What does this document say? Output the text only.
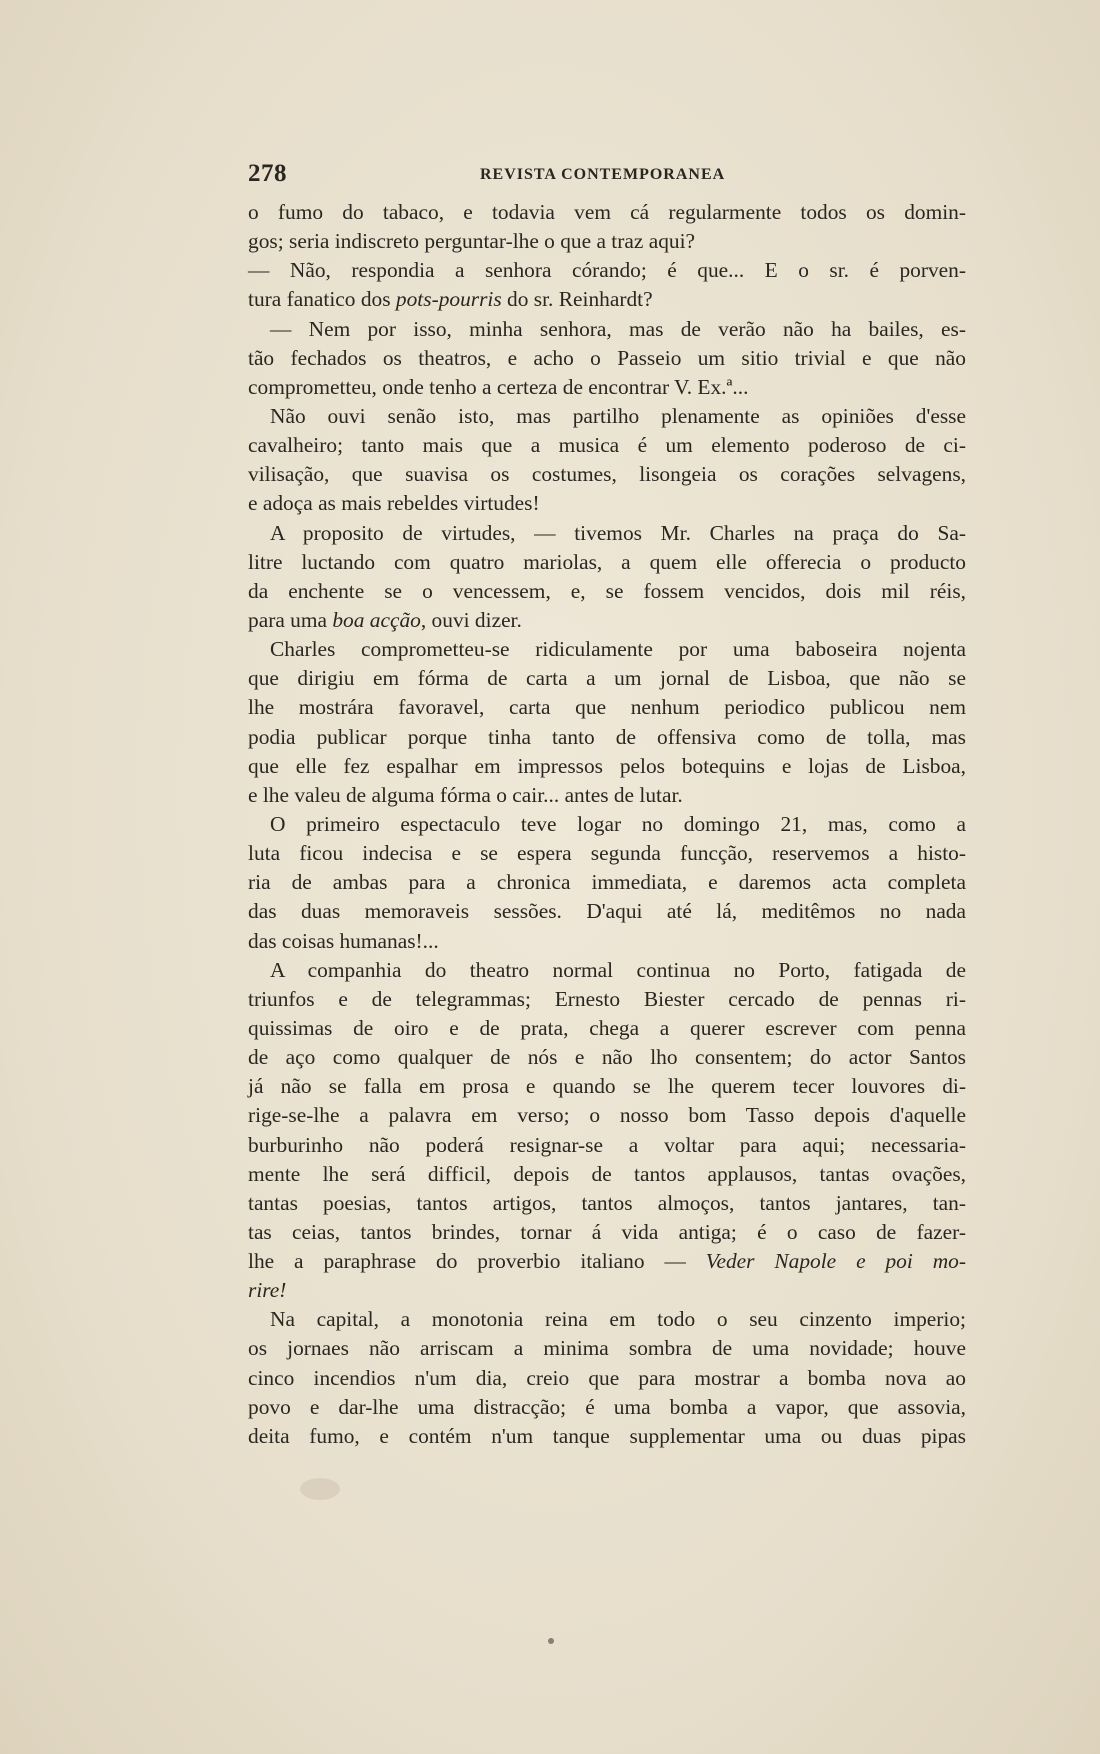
278	REVISTA CONTEMPORANEA
o fumo do tabaco, e todavia vem cá regularmente todos os domin-
gos; seria indiscreto perguntar-lhe o que a traz aqui?
— Não, respondia a senhora córando; é que... E o sr. é porven-
tura fanatico dos pots-pourris do sr. Reinhardt?
— Nem por isso, minha senhora, mas de verão não ha bailes, es-
tão fechados os theatros, e acho o Passeio um sitio trivial e que não
comprometteu, onde tenho a certeza de encontrar V. Ex.ª...
Não ouvi senão isto, mas partilho plenamente as opiniões d'esse
cavalheiro; tanto mais que a musica é um elemento poderoso de ci-
vilisação, que suavisa os costumes, lisongeia os corações selvagens,
e adoça as mais rebeldes virtudes!
A proposito de virtudes, — tivemos Mr. Charles na praça do Sa-
litre luctando com quatro mariolas, a quem elle offerecia o producto
da enchente se o vencessem, e, se fossem vencidos, dois mil réis,
para uma boa acção, ouvi dizer.
Charles comprometteu-se ridiculamente por uma baboseira nojenta
que dirigiu em fórma de carta a um jornal de Lisboa, que não se
lhe mostrára favoravel, carta que nenhum periodico publicou nem
podia publicar porque tinha tanto de offensiva como de tolla, mas
que elle fez espalhar em impressos pelos botequins e lojas de Lisboa,
e lhe valeu de alguma fórma o cair... antes de lutar.
O primeiro espectaculo teve logar no domingo 21, mas, como a
luta ficou indecisa e se espera segunda funcção, reservemos a histo-
ria de ambas para a chronica immediata, e daremos acta completa
das duas memoraveis sessões. D'aqui até lá, meditêmos no nada
das coisas humanas!...
A companhia do theatro normal continua no Porto, fatigada de
triunfos e de telegrammas; Ernesto Biester cercado de pennas ri-
quissimas de oiro e de prata, chega a querer escrever com penna
de aço como qualquer de nós e não lho consentem; do actor Santos
já não se falla em prosa e quando se lhe querem tecer louvores di-
rige-se-lhe a palavra em verso; o nosso bom Tasso depois d'aquelle
burburinho não poderá resignar-se a voltar para aqui; necessaria-
mente lhe será difficil, depois de tantos applausos, tantas ovações,
tantas poesias, tantos artigos, tantos almoços, tantos jantares, tan-
tas ceias, tantos brindes, tornar á vida antiga; é o caso de fazer-
lhe a paraphrase do proverbio italiano — Veder Napole e poi mo-
rire!
Na capital, a monotonia reina em todo o seu cinzento imperio;
os jornaes não arriscam a minima sombra de uma novidade; houve
cinco incendios n'um dia, creio que para mostrar a bomba nova ao
povo e dar-lhe uma distracção; é uma bomba a vapor, que assovia,
deita fumo, e contém n'um tanque supplementar uma ou duas pipas
